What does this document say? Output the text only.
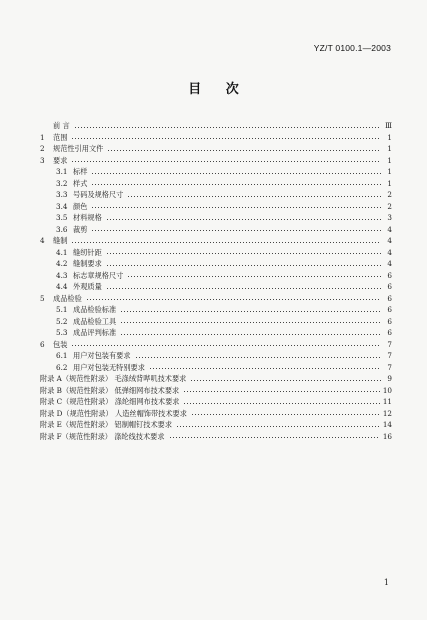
YZ/T 0100.1—2003
目 次
前 言	Ⅲ
1	范围	1
2	规范性引用文件	1
3	要求	1
3.1 标样	1
3.2 样式	1
3.3 号码及规格尺寸	2
3.4 颜色	2
3.5 材料规格	3
3.6 裁剪	4
4	缝制	4
4.1 缝纫针距	4
4.2 缝制要求	4
4.3 标志章规格尺寸	6
4.4 外观质量	6
5	成品检验	6
5.1 成品检验标准	6
5.2 成品检验工具	6
5.3 成品评判标准	6
6	包装	7
6.1 用户对包装有要求	7
6.2 用户对包装无特别要求	7
附录 A（规范性附录） 毛涤绒背哔叽技术要求	9
附录 B（规范性附录） 低弹细网布技术要求	10
附录 C（规范性附录） 涤纶细网布技术要求	11
附录 D（规范性附录） 人造丝帽饰带技术要求	12
附录 E（规范性附录） 铝制帽钉技术要求	14
附录 F（规范性附录） 涤纶线技术要求	16
1
